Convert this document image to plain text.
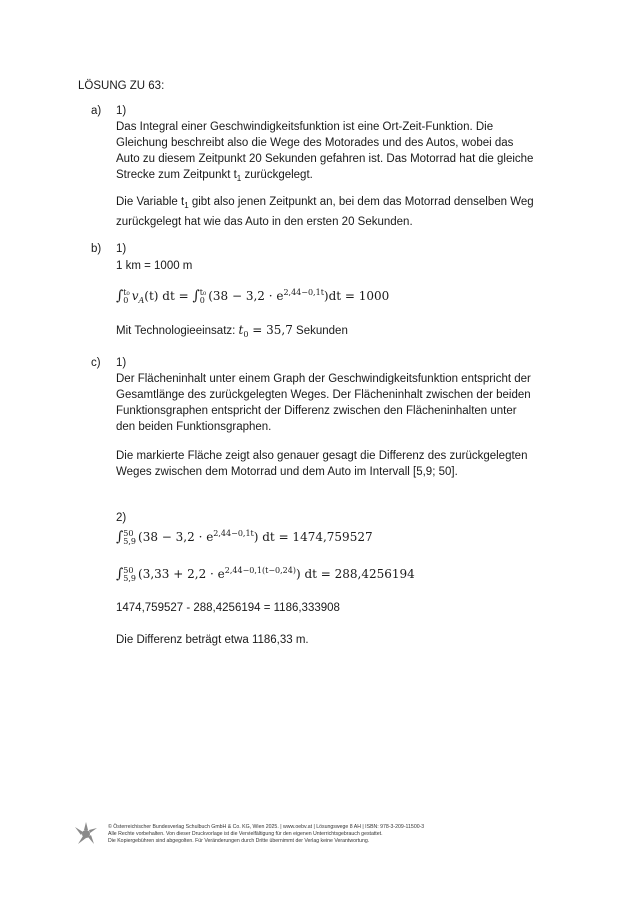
LÖSUNG ZU 63:
a) 1)
Das Integral einer Geschwindigkeitsfunktion ist eine Ort-Zeit-Funktion. Die Gleichung beschreibt also die Wege des Motorades und des Autos, wobei das Auto zu diesem Zeitpunkt 20 Sekunden gefahren ist. Das Motorrad hat die gleiche Strecke zum Zeitpunkt $t_1$ zurückgelegt.
Die Variable $t_1$ gibt also jenen Zeitpunkt an, bei dem das Motorrad denselben Weg zurückgelegt hat wie das Auto in den ersten 20 Sekunden.
b) 1)
1 km = 1000 m
∫ t₀
0 $v_A(t)$ dt = ∫ t₀
0 $(38 - 3,2 \cdot e^{2,44-0,1t})dt = 1000$
Mit Technologieeinsatz: $t_0 = 35,7$ Sekunden
c) 1)
Der Flächeninhalt unter einem Graph der Geschwindigkeitsfunktion entspricht der Gesamtlänge des zurückgelegten Weges. Der Flächeninhalt zwischen der beiden Funktionsgraphen entspricht der Differenz zwischen den Flächeninhalten unter den beiden Funktionsgraphen.
Die markierte Fläche zeigt also genauer gesagt die Differenz des zurückgelegten Weges zwischen dem Motorrad und dem Auto im Intervall [5,9; 50].
2)
∫ 50
5,9 $(38 - 3,2 \cdot e^{2,44-0,1t})$ dt = 1474,759527
∫ 50
5,9 $(3,33 + 2,2 \cdot e^{2,44-0,1(t-0,24)})$ dt = 288,4256194
1474,759527 - 288,4256194 = 1186,333908
Die Differenz beträgt etwa 1186,33 m.
© Österreichischer Bundesverlag Schulbuch GmbH & Co. KG, Wien 2025. | www.oebv.at | Lösungswege 8 AH | ISBN: 978-3-209-11500-3
Alle Rechte vorbehalten. Von dieser Druckvorlage ist die Vervielfältigung für den eigenen Unterrichtsgebrauch gestattet.
Die Kopiergebühren sind abgegolten. Für Veränderungen durch Dritte übernimmt der Verlag keine Verantwortung.
